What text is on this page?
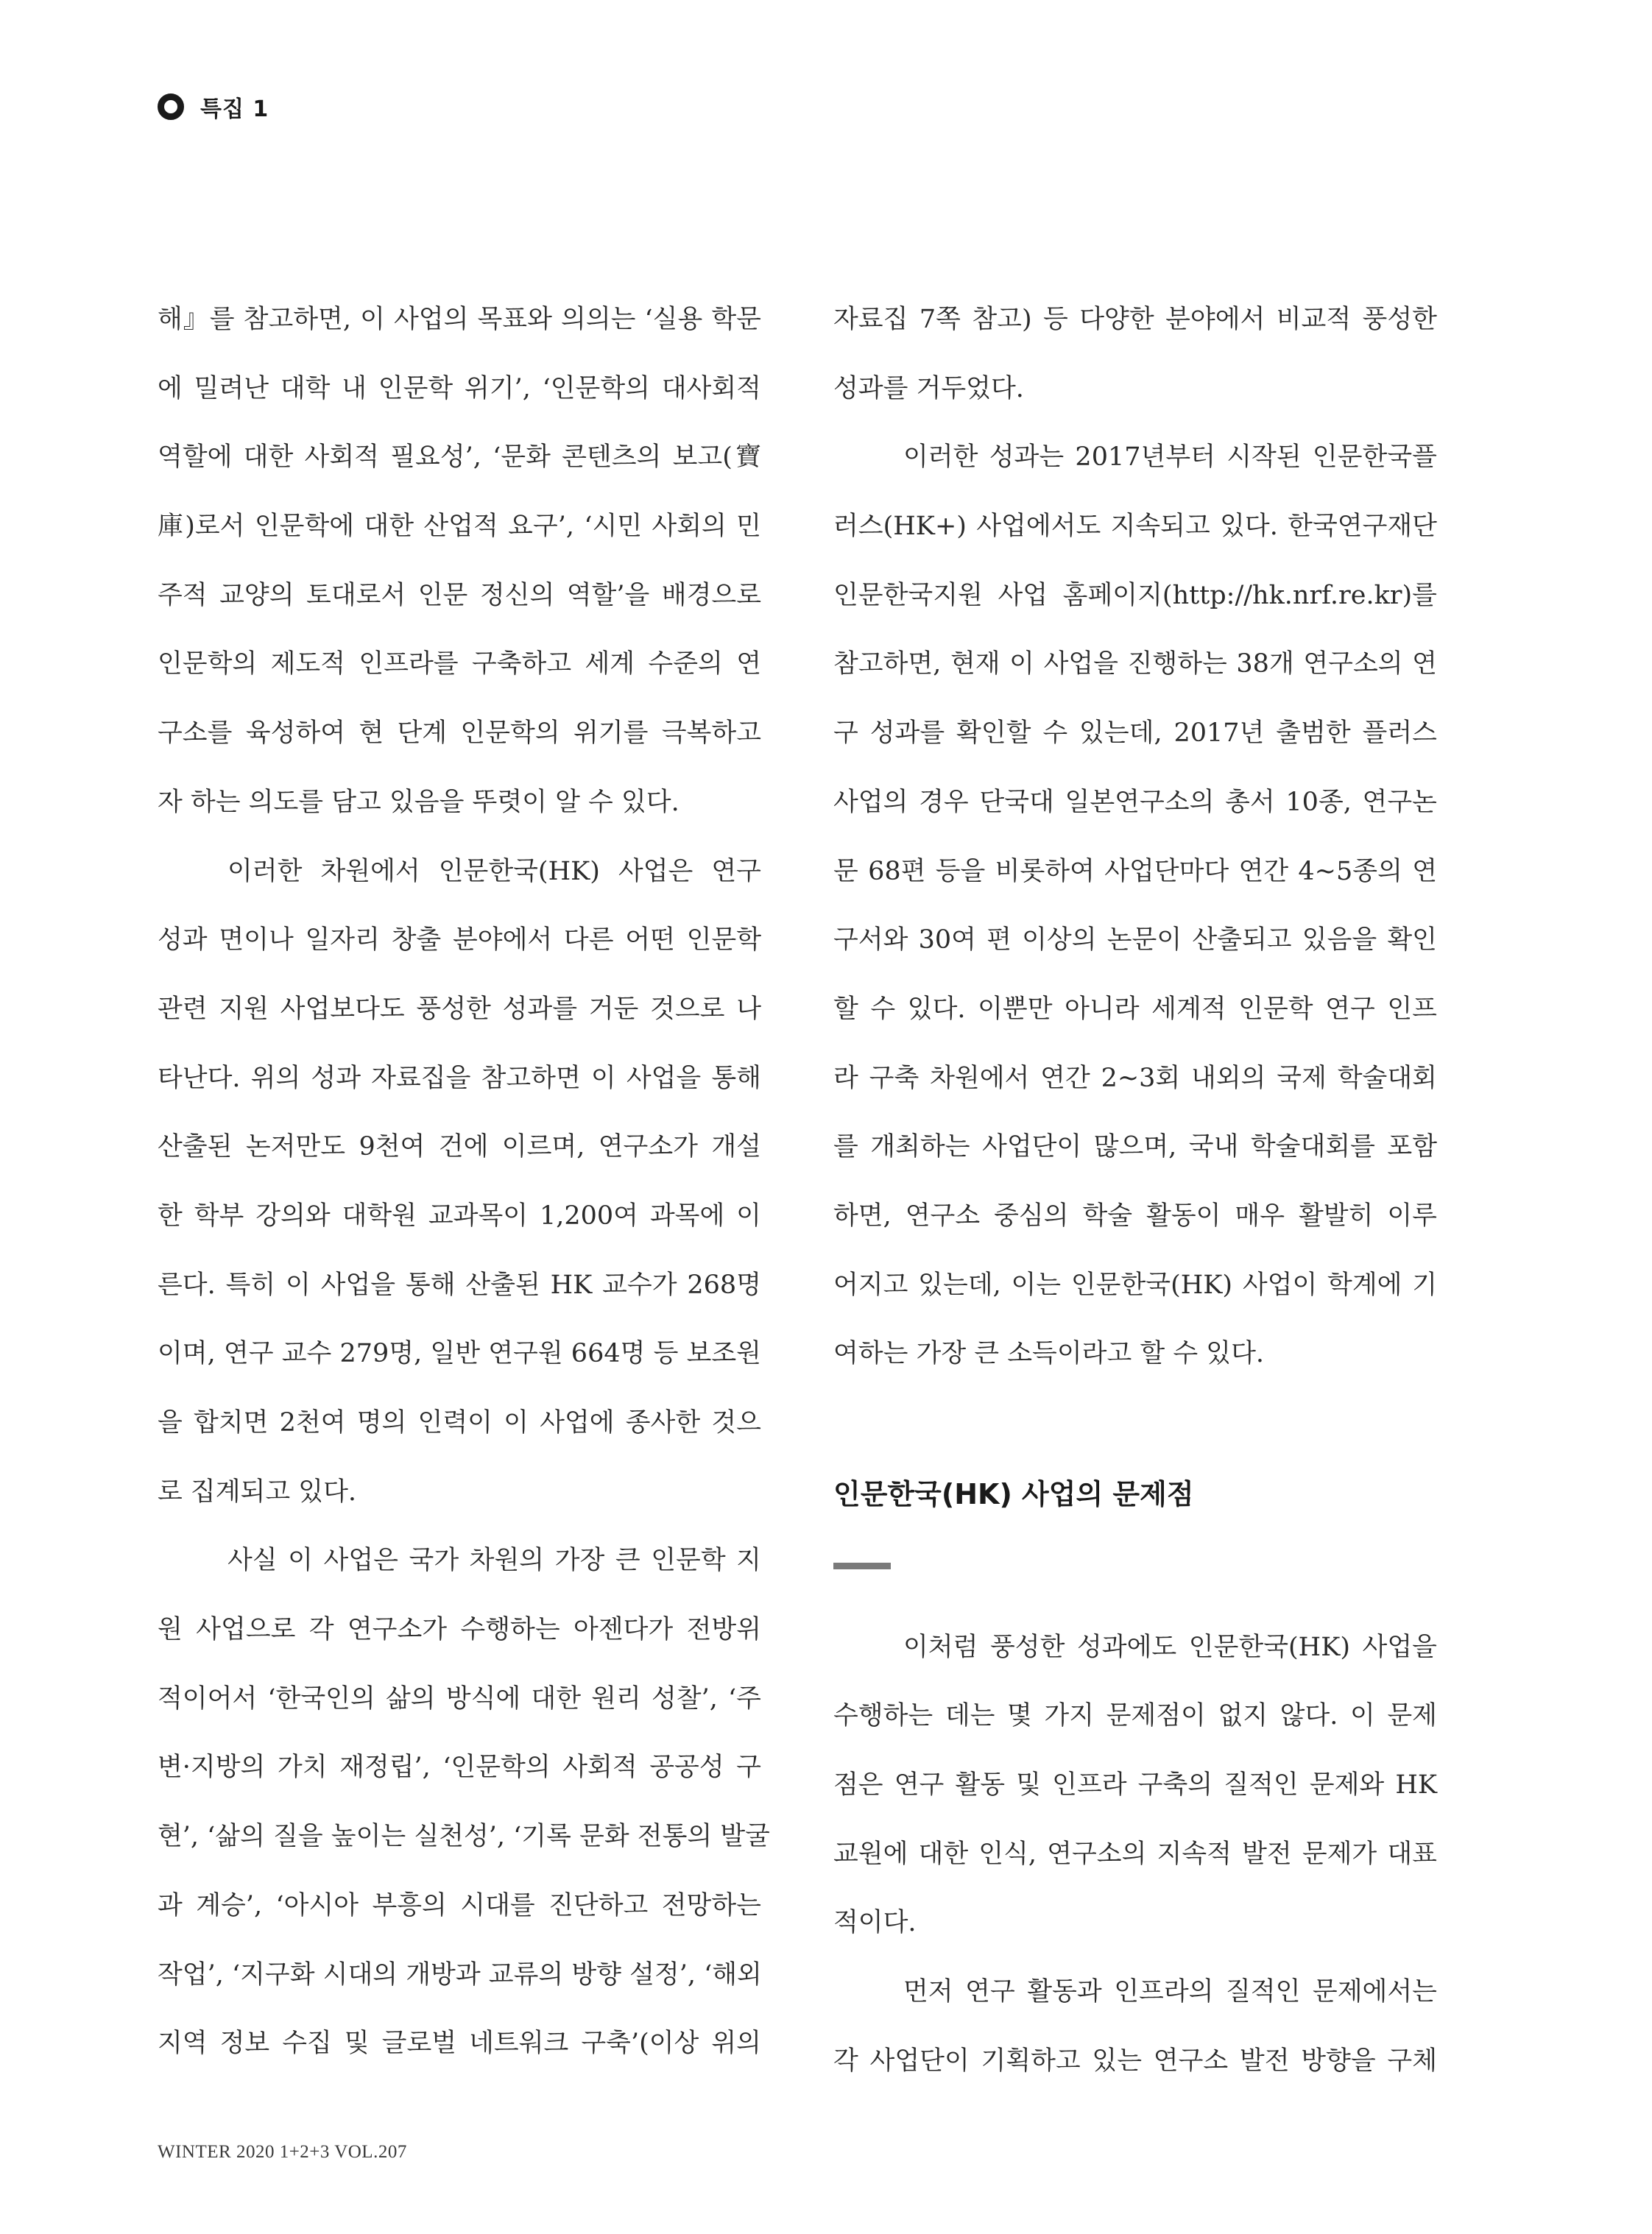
특집 1
해』를 참고하면, 이 사업의 목표와 의의는 ‘실용 학문
에 밀려난 대학 내 인문학 위기’, ‘인문학의 대사회적
역할에 대한 사회적 필요성’, ‘문화 콘텐츠의 보고(寶
庫)로서 인문학에 대한 산업적 요구’, ‘시민 사회의 민
주적 교양의 토대로서 인문 정신의 역할’을 배경으로
인문학의 제도적 인프라를 구축하고 세계 수준의 연
구소를 육성하여 현 단계 인문학의 위기를 극복하고
자 하는 의도를 담고 있음을 뚜렷이 알 수 있다.
이러한 차원에서 인문한국(HK) 사업은 연구
성과 면이나 일자리 창출 분야에서 다른 어떤 인문학
관련 지원 사업보다도 풍성한 성과를 거둔 것으로 나
타난다. 위의 성과 자료집을 참고하면 이 사업을 통해
산출된 논저만도 9천여 건에 이르며, 연구소가 개설
한 학부 강의와 대학원 교과목이 1,200여 과목에 이
른다. 특히 이 사업을 통해 산출된 HK 교수가 268명
이며, 연구 교수 279명, 일반 연구원 664명 등 보조원
을 합치면 2천여 명의 인력이 이 사업에 종사한 것으
로 집계되고 있다.
사실 이 사업은 국가 차원의 가장 큰 인문학 지
원 사업으로 각 연구소가 수행하는 아젠다가 전방위
적이어서 ‘한국인의 삶의 방식에 대한 원리 성찰’, ‘주
변·지방의 가치 재정립’, ‘인문학의 사회적 공공성 구
현’, ‘삶의 질을 높이는 실천성’, ‘기록 문화 전통의 발굴
과 계승’, ‘아시아 부흥의 시대를 진단하고 전망하는
작업’, ‘지구화 시대의 개방과 교류의 방향 설정’, ‘해외
지역 정보 수집 및 글로벌 네트워크 구축’(이상 위의
자료집 7쪽 참고) 등 다양한 분야에서 비교적 풍성한
성과를 거두었다.
이러한 성과는 2017년부터 시작된 인문한국플
러스(HK+) 사업에서도 지속되고 있다. 한국연구재단
인문한국지원 사업 홈페이지(http://hk.nrf.re.kr)를
참고하면, 현재 이 사업을 진행하는 38개 연구소의 연
구 성과를 확인할 수 있는데, 2017년 출범한 플러스
사업의 경우 단국대 일본연구소의 총서 10종, 연구논
문 68편 등을 비롯하여 사업단마다 연간 4~5종의 연
구서와 30여 편 이상의 논문이 산출되고 있음을 확인
할 수 있다. 이뿐만 아니라 세계적 인문학 연구 인프
라 구축 차원에서 연간 2~3회 내외의 국제 학술대회
를 개최하는 사업단이 많으며, 국내 학술대회를 포함
하면, 연구소 중심의 학술 활동이 매우 활발히 이루
어지고 있는데, 이는 인문한국(HK) 사업이 학계에 기
여하는 가장 큰 소득이라고 할 수 있다.
인문한국(HK) 사업의 문제점
이처럼 풍성한 성과에도 인문한국(HK) 사업을
수행하는 데는 몇 가지 문제점이 없지 않다. 이 문제
점은 연구 활동 및 인프라 구축의 질적인 문제와 HK
교원에 대한 인식, 연구소의 지속적 발전 문제가 대표
적이다.
먼저 연구 활동과 인프라의 질적인 문제에서는
각 사업단이 기획하고 있는 연구소 발전 방향을 구체
WINTER 2020 1+2+3 VOL.207
